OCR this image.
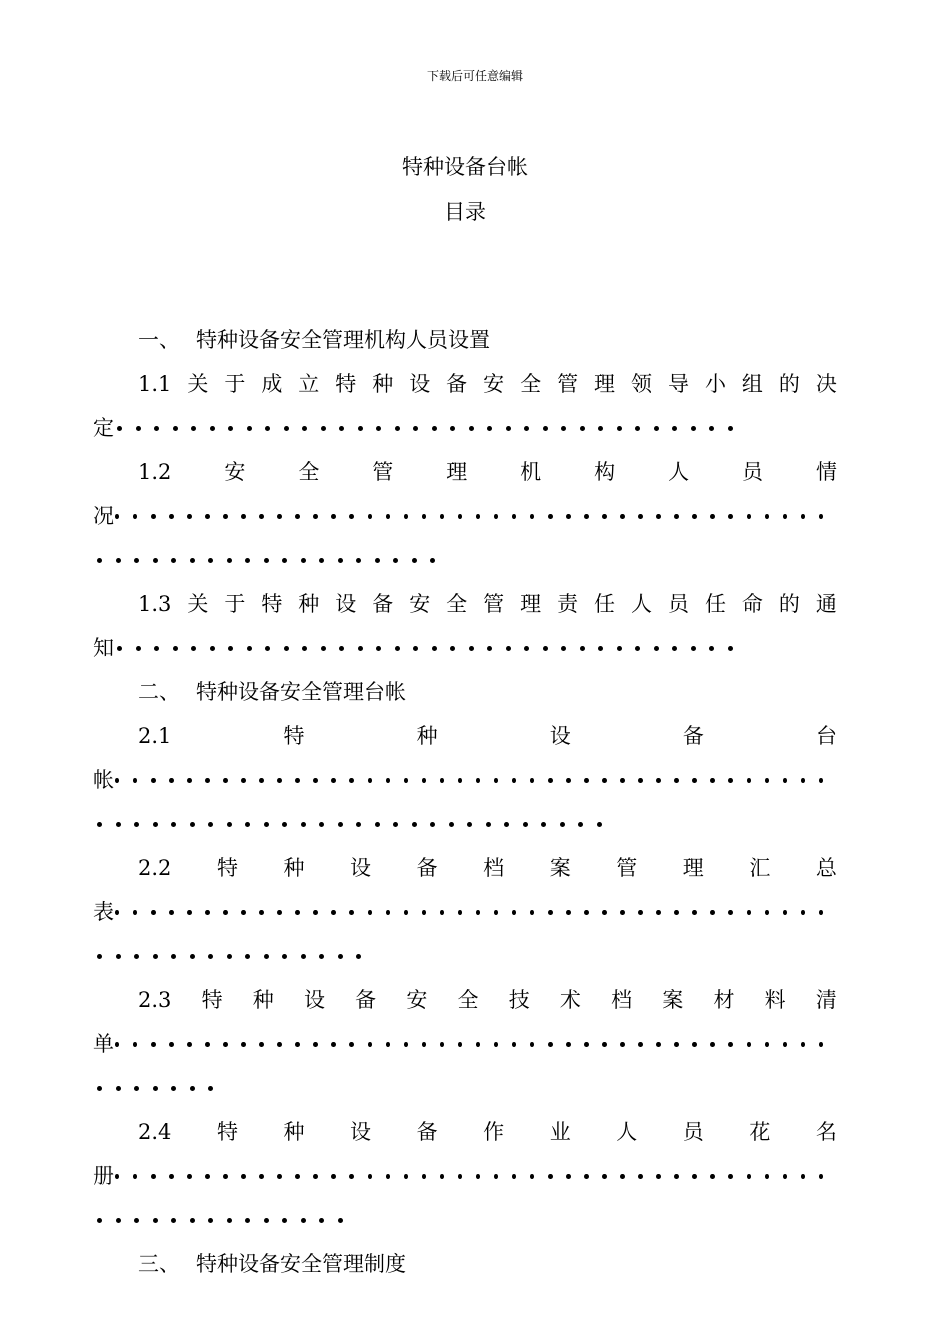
下载后可任意编辑
特种设备台帐
目录
一、 特种设备安全管理机构人员设置
1.1 关 于 成 立 特 种 设 备 安 全 管 理 领 导 小 组 的 决
定
1.2	安	全	管	理	机	构	人	员	情
况
1.3 关 于 特 种 设 备 安 全 管 理 责 任 人 员 任 命 的 通
知
二、 特种设备安全管理台帐
2.1	特	种	设	备	台
帐
2.2 特 种 设 备 档 案 管 理 汇 总
表
2.3 特 种 设 备 安 全 技 术 档 案 材 料 清
单
2.4 特 种 设 备 作 业 人 员 花 名
册
三、 特种设备安全管理制度
